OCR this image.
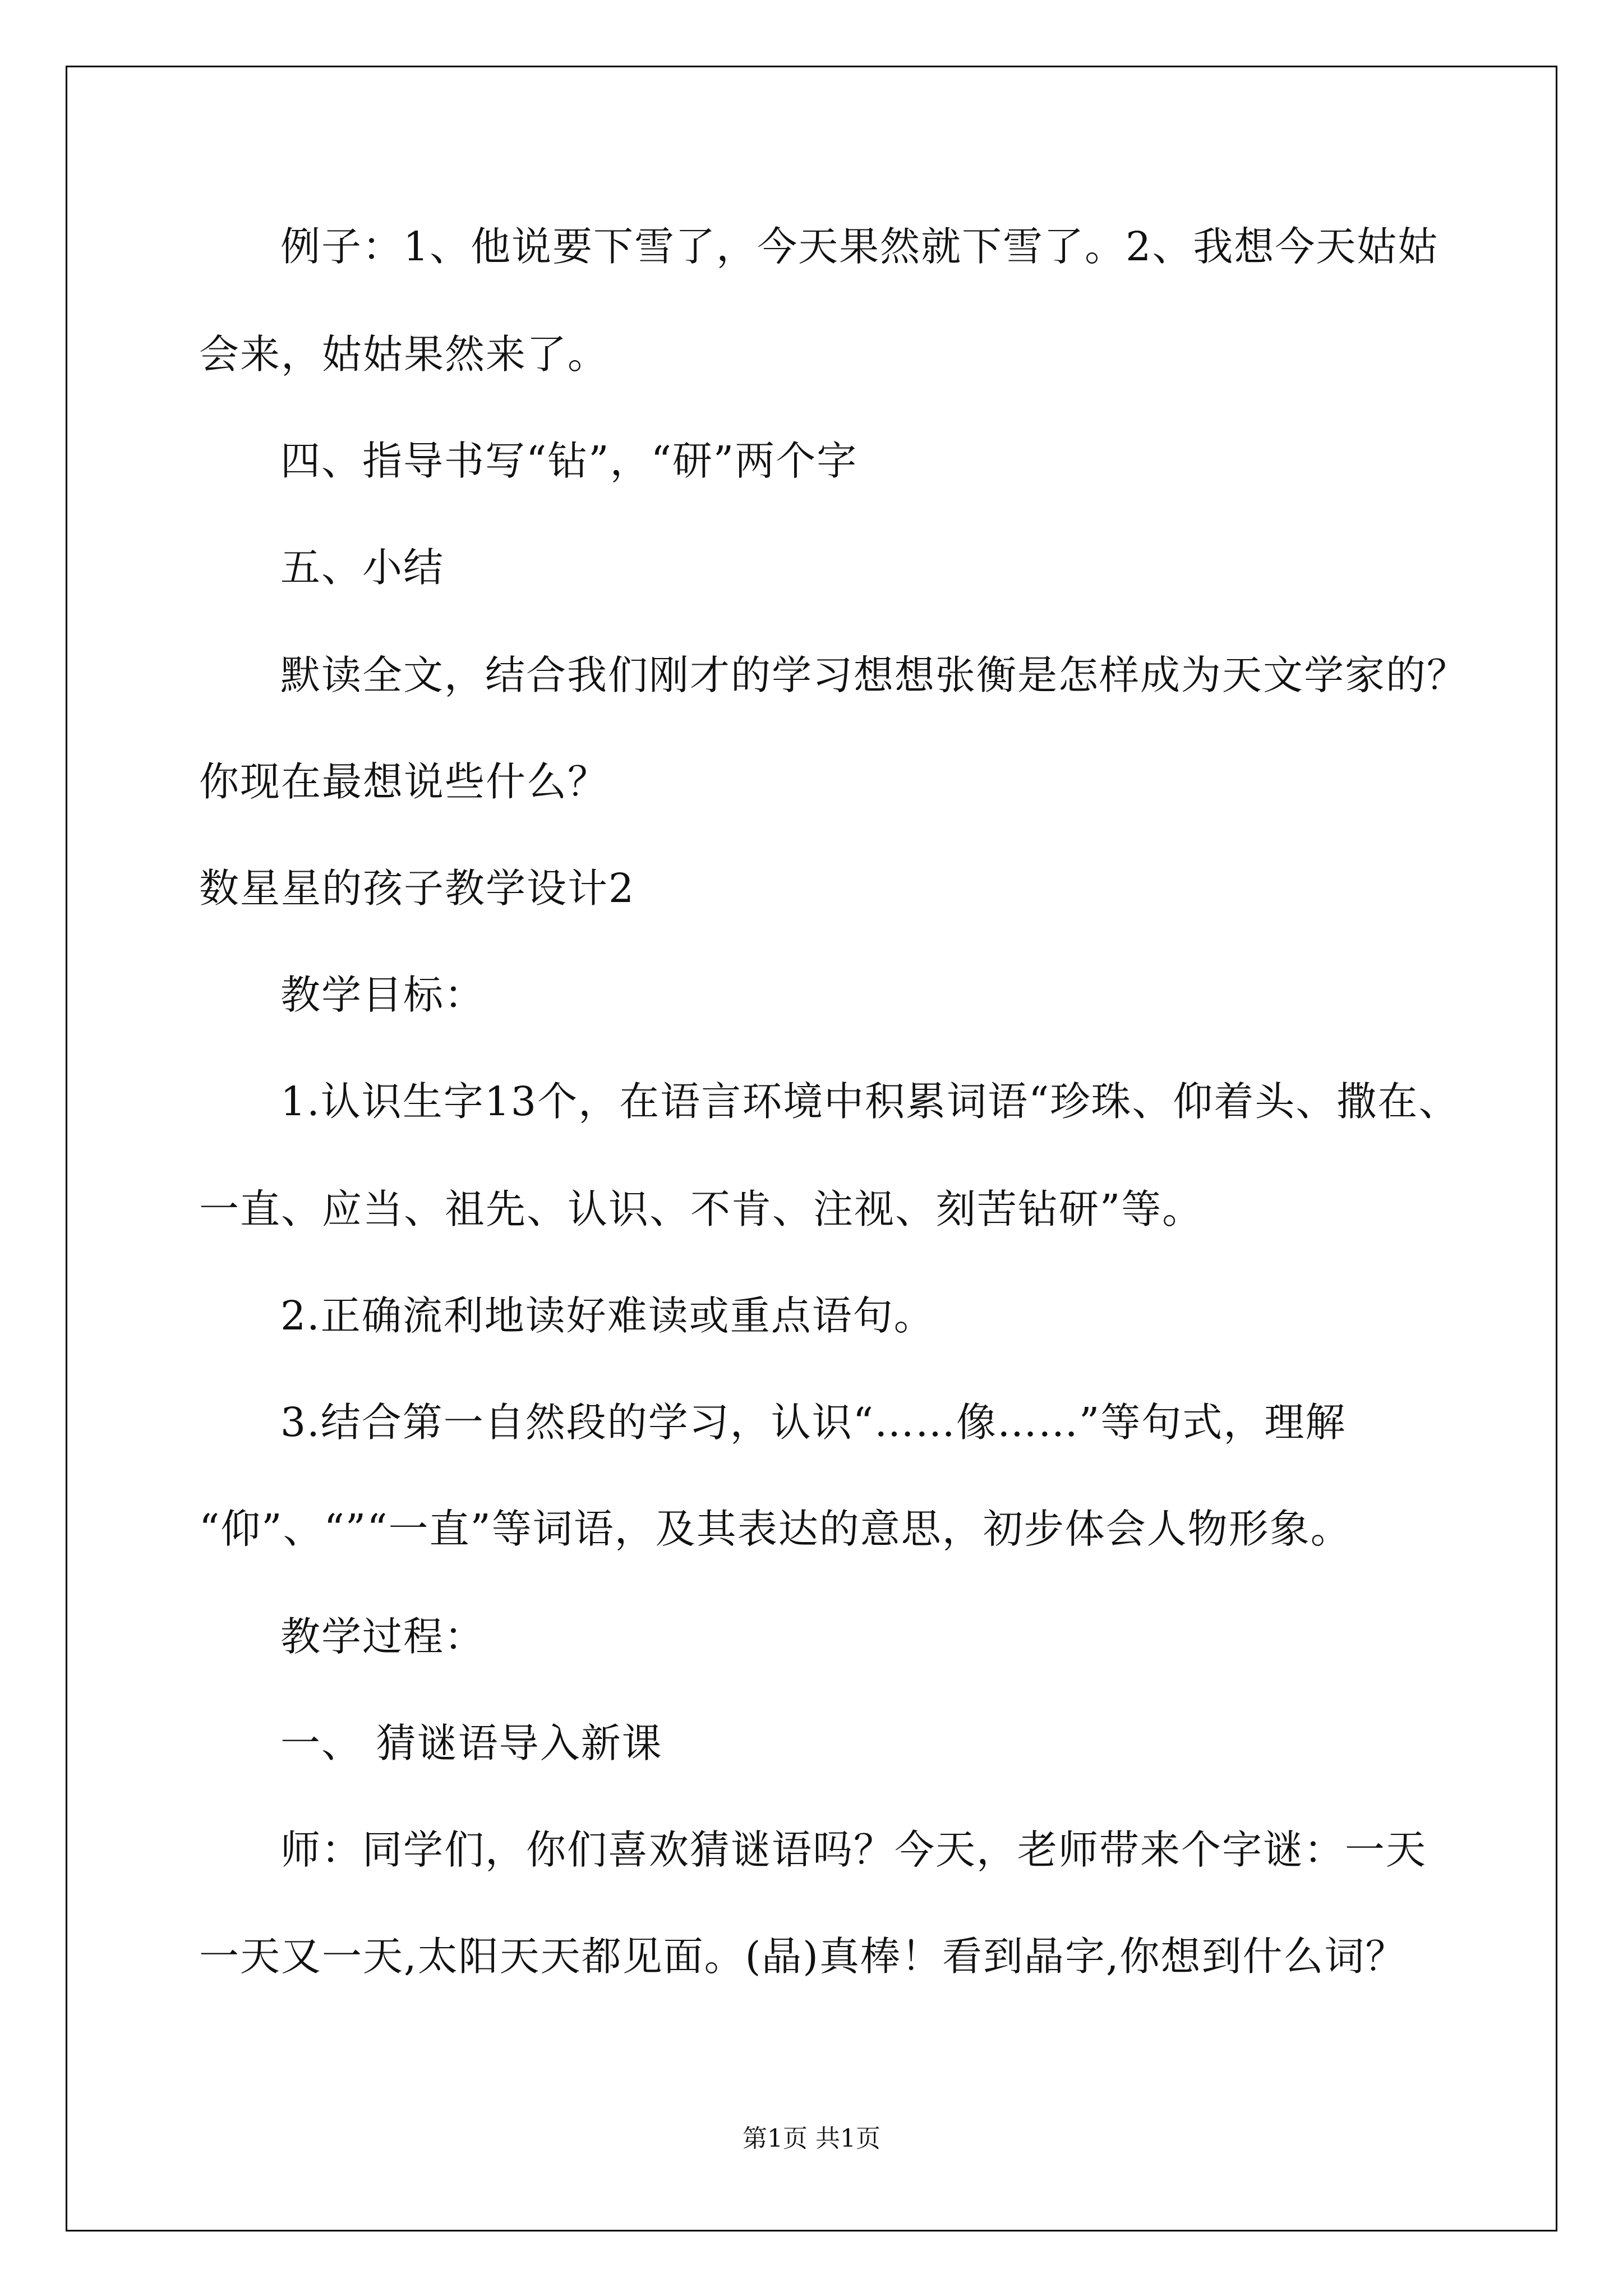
例子：1、他说要下雪了，今天果然就下雪了。2、我想今天姑姑
会来，姑姑果然来了。
四、指导书写“钻”，“研”两个字
五、小结
默读全文，结合我们刚才的学习想想张衡是怎样成为天文学家的？
你现在最想说些什么？
数星星的孩子教学设计2
教学目标：
1.认识生字13个，在语言环境中积累词语“珍珠、仰着头、撒在、
一直、应当、祖先、认识、不肯、注视、刻苦钻研”等。
2.正确流利地读好难读或重点语句。
3.结合第一自然段的学习，认识“……像……”等句式，理解
“仰”、“”“一直”等词语，及其表达的意思，初步体会人物形象。
教学过程：
一、 猜谜语导入新课
师：同学们，你们喜欢猜谜语吗？今天，老师带来个字谜：一天
一天又一天,太阳天天都见面。(晶)真棒！看到晶字,你想到什么词？
第1页 共1页
